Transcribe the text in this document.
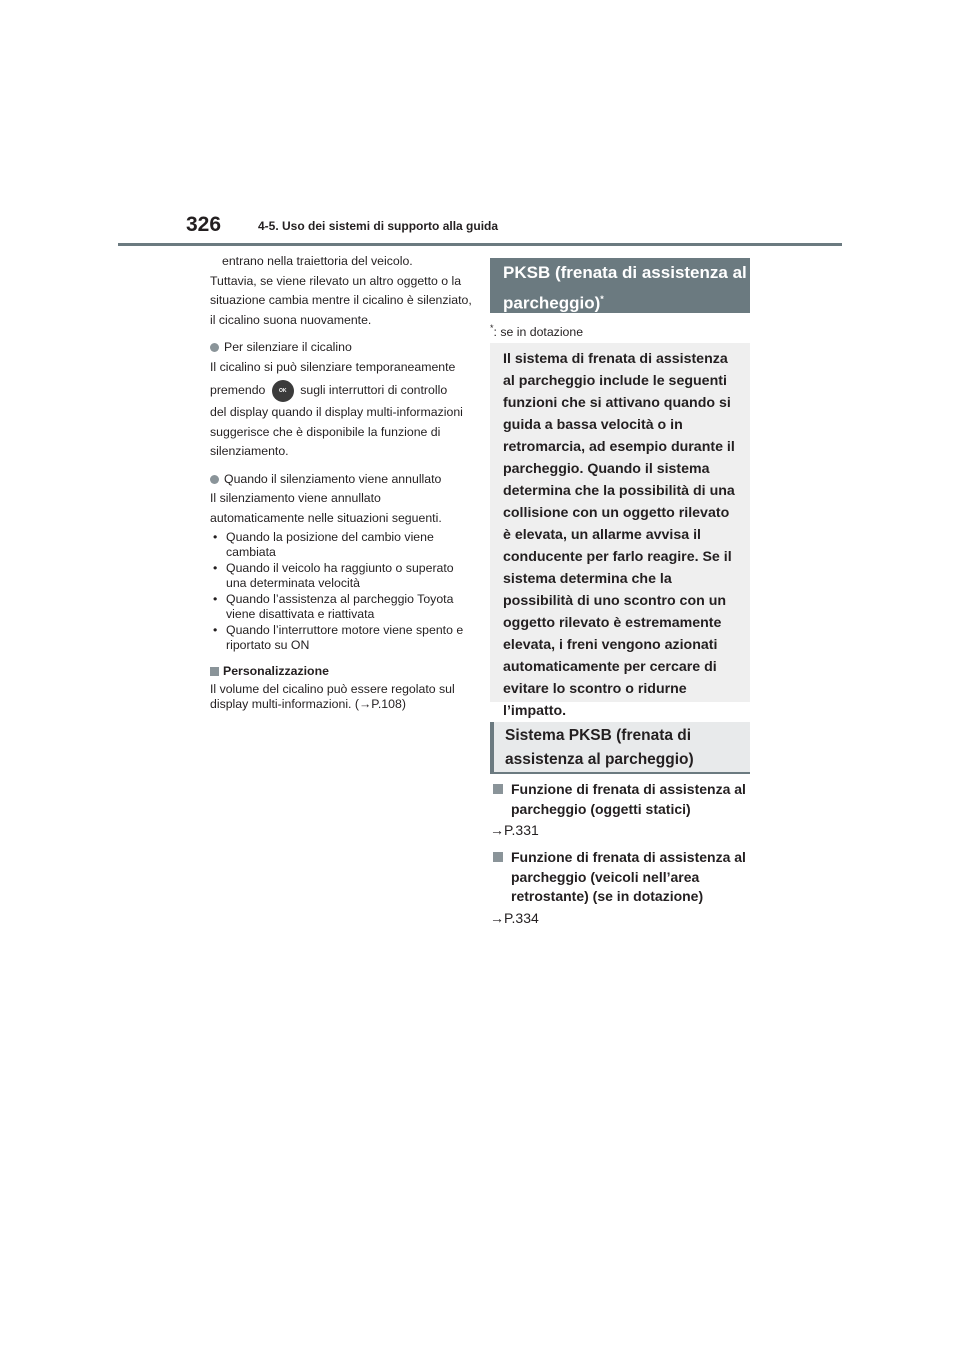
326	4-5. Uso dei sistemi di supporto alla guida

entrano nella traiettoria del veicolo.

Tuttavia, se viene rilevato un altro oggetto o la situazione cambia mentre il cicalino è silenziato, il cicalino suona nuovamente.

Per silenziare il cicalino

Il cicalino si può silenziare temporaneamente

premendo	OK sugli interruttori di controllo

del display quando il display multi-informazioni suggerisce che è disponibile la funzione di silenziamento.

Quando il silenziamento viene annullato

Il silenziamento viene annullato automaticamente nelle situazioni seguenti.

• Quando la posizione del cambio viene cambiata
• Quando il veicolo ha raggiunto o superato una determinata velocità
• Quando l’assistenza al parcheggio Toyota viene disattivata e riattivata
• Quando l’interruttore motore viene spento e riportato su ON
Personalizzazione

Il volume del cicalino può essere regolato sul display multi-informazioni. (→P.108)

PKSB (frenata di assistenza al parcheggio)*
*: se in dotazione
Il sistema di frenata di assistenza al parcheggio include le seguenti funzioni che si attivano quando si guida a bassa velocità o in retromarcia, ad esempio durante il parcheggio. Quando il sistema determina che la possibilità di una collisione con un oggetto rilevato è elevata, un allarme avvisa il conducente per farlo reagire. Se il sistema determina che la possibilità di uno scontro con un oggetto rilevato è estremamente elevata, i freni vengono azionati automaticamente per cercare di evitare lo scontro o ridurne l’impatto.
Sistema PKSB (frenata di assistenza al parcheggio)
Funzione di frenata di assistenza al parcheggio (oggetti statici)
→P.331
Funzione di frenata di assistenza al parcheggio (veicoli nell’area retrostante) (se in dotazione)
→P.334
